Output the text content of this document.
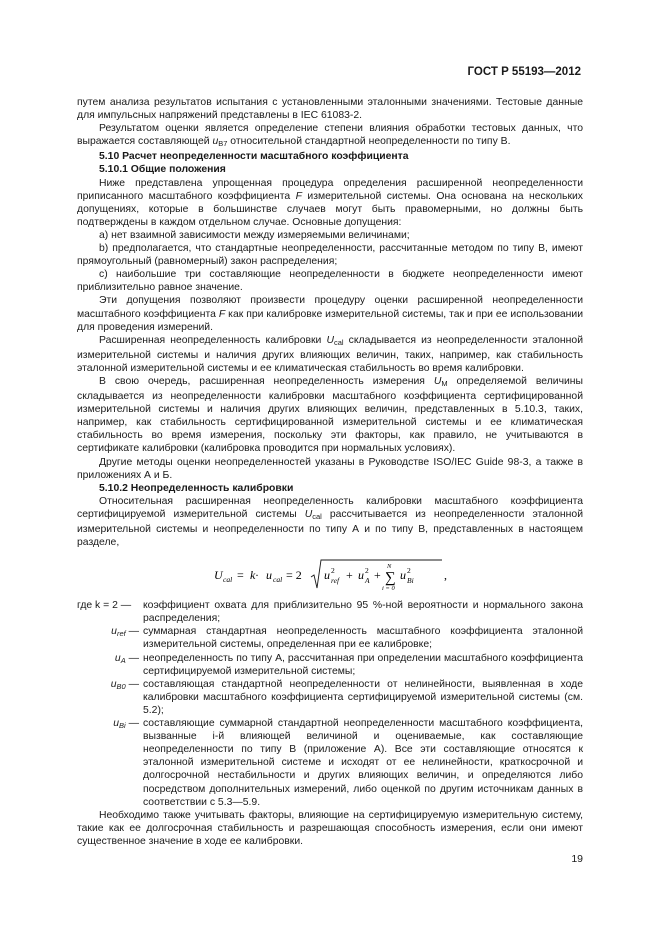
ГОСТ Р 55193—2012

путем анализа результатов испытания с установленными эталонными значениями. Тестовые данные для импульсных напряжений представлены в IEC 61083-2.

Результатом оценки является определение степени влияния обработки тестовых данных, что выражается составляющей $u_{B7}$ относительной стандартной неопределенности по типу В.

5.10 Расчет неопределенности масштабного коэффициента

5.10.1 Общие положения

Ниже представлена упрощенная процедура определения расширенной неопределенности приписанного масштабного коэффициента F измерительной системы. Она основана на нескольких допущениях, которые в большинстве случаев могут быть правомерными, но должны быть подтверждены в каждом отдельном случае. Основные допущения:

а) нет взаимной зависимости между измеряемыми величинами;

b) предполагается, что стандартные неопределенности, рассчитанные методом по типу В, имеют прямоугольный (равномерный) закон распределения;

с) наибольшие три составляющие неопределенности в бюджете неопределенности имеют приблизительно равное значение.

Эти допущения позволяют произвести процедуру оценки расширенной неопределенности масштабного коэффициента F как при калибровке измерительной системы, так и при ее использовании для проведения измерений.

Расширенная неопределенность калибровки $U_{cal}$ складывается из неопределенности эталонной измерительной системы и наличия других влияющих величин, таких, например, как стабильность эталонной измерительной системы и ее климатическая стабильность во время калибровки.

В свою очередь, расширенная неопределенность измерения $U_M$ определяемой величины складывается из неопределенности калибровки масштабного коэффициента сертифицированной измерительной системы и наличия других влияющих величин, представленных в 5.10.3, таких, например, как стабильность сертифицированной измерительной системы и ее климатическая стабильность во время измерения, поскольку эти факторы, как правило, не учитываются в сертификате калибровки (калибровка проводится при нормальных условиях).

Другие методы оценки неопределенностей указаны в Руководстве ISO/IEC Guide 98-3, а также в приложениях А и Б.

5.10.2 Неопределенность калибровки

Относительная расширенная неопределенность калибровки масштабного коэффициента сертифицируемой измерительной системы $U_{cal}$ рассчитывается из неопределенности эталонной измерительной системы и неопределенности по типу А и по типу В, представленных в настоящем разделе,

U cal = k · u cal = 2 u 2
ref + u 2
A +
N
∑
i = 0
u 2
Bi	,
где k = 2 —	коэффициент охвата для приблизительно 95 %-ной вероятности и нормального закона распределения;
$u_{ref}$ — суммарная стандартная неопределенность масштабного коэффициента эталонной измерительной системы, определенная при ее калибровке;
$u_A$ — неопределенность по типу А, рассчитанная при определении масштабного коэффициента сертифицируемой измерительной системы;
$u_{B0}$ — составляющая стандартной неопределенности от нелинейности, выявленная в ходе калибровки масштабного коэффициента сертифицируемой измерительной системы (см. 5.2);
$u_{Bi}$ — составляющие суммарной стандартной неопределенности масштабного коэффициента, вызванные i-й влияющей величиной и оцениваемые, как составляющие неопределенности по типу В (приложение А). Все эти составляющие относятся к эталонной измерительной системе и исходят от ее нелинейности, краткосрочной и долгосрочной нестабильности и других влияющих величин, и определяются либо посредством дополнительных измерений, либо оценкой по другим источникам данных в соответствии с 5.3—5.9.

Необходимо также учитывать факторы, влияющие на сертифицируемую измерительную систему, такие как ее долгосрочная стабильность и разрешающая способность измерения, если они имеют существенное значение в ходе ее калибровки.

19
